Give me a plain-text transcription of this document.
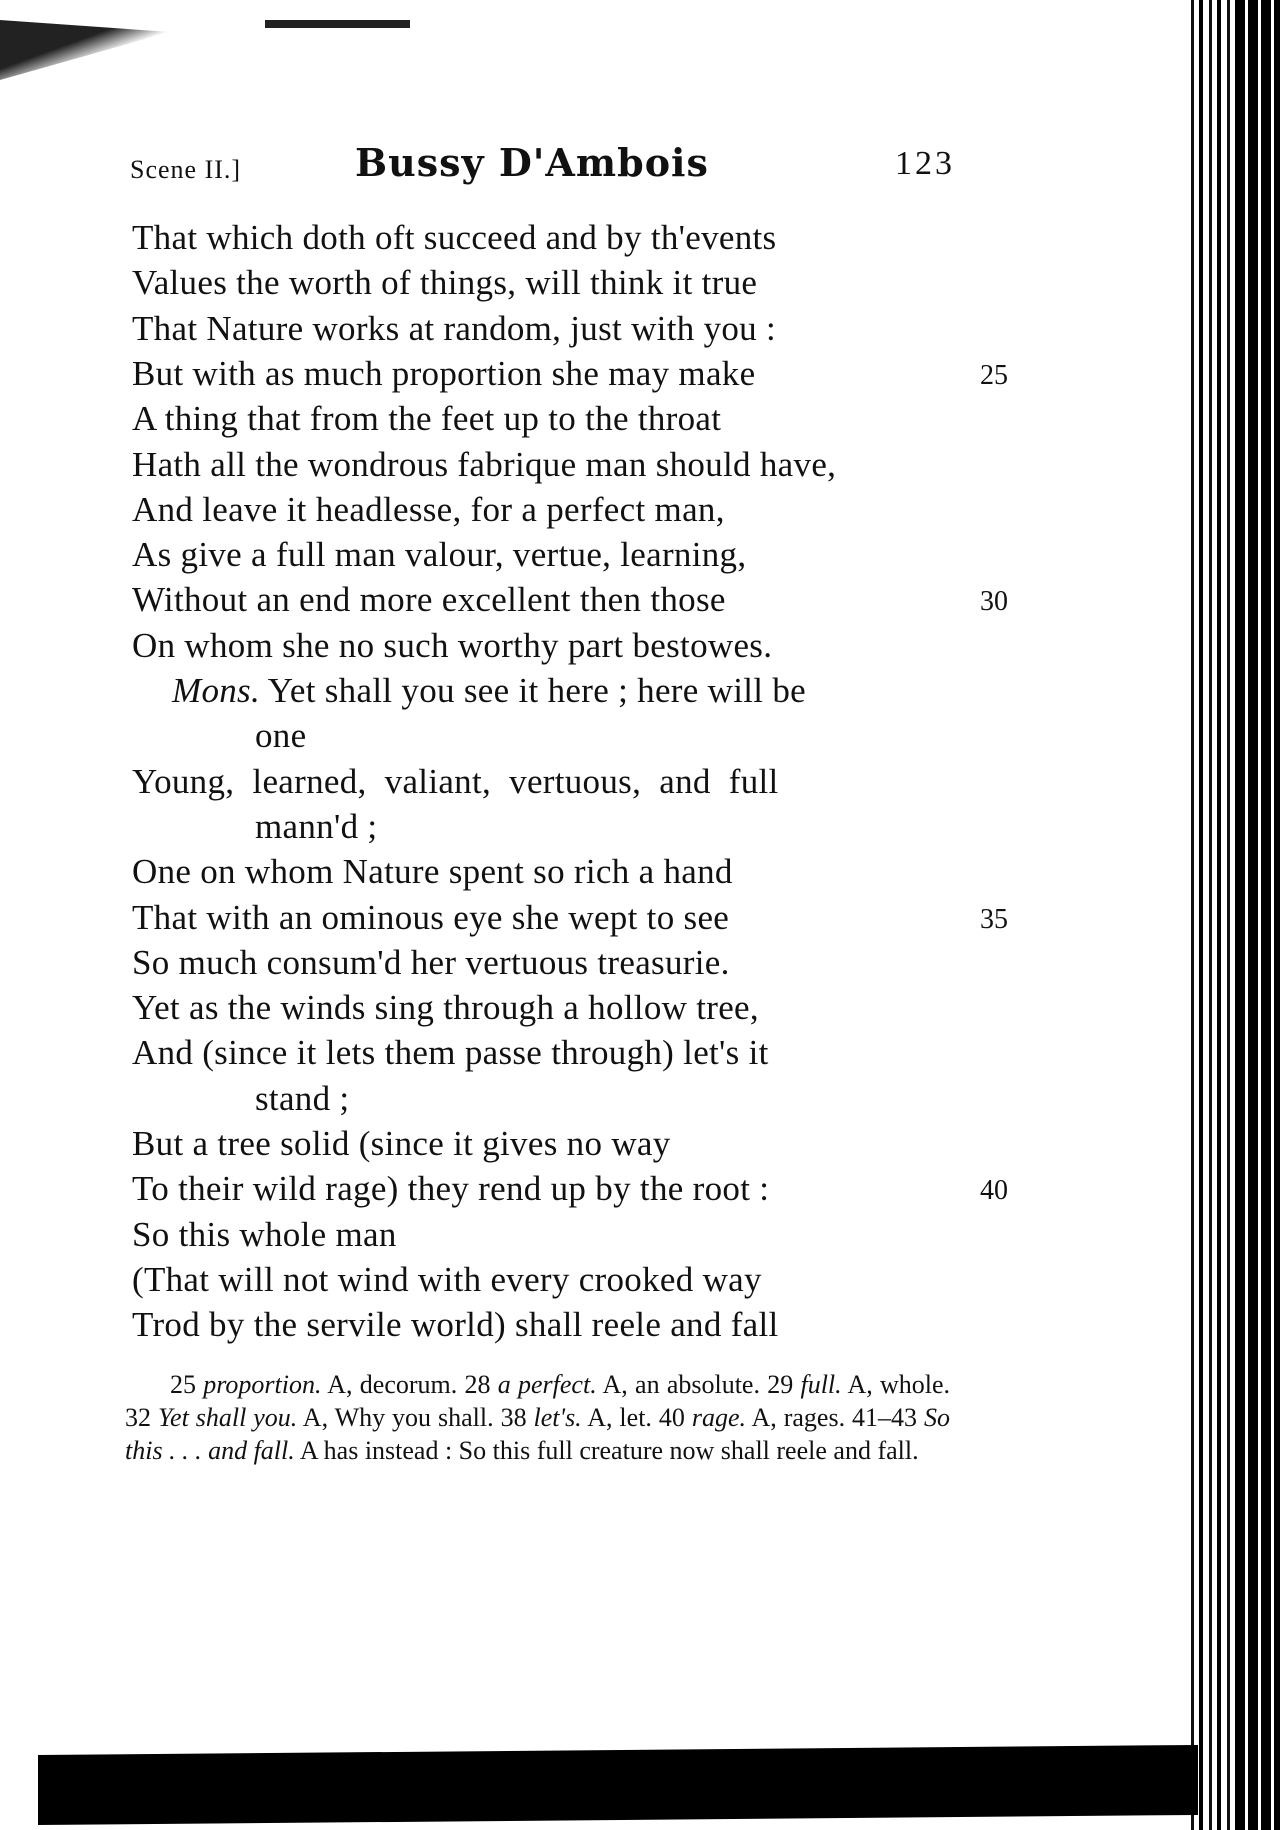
Scene II.]	Bussy D'Ambois	123
That which doth oft succeed and by th'events
Values the worth of things, will think it true
That Nature works at random, just with you :
But with as much proportion she may make	25
A thing that from the feet up to the throat
Hath all the wondrous fabrique man should have,
And leave it headlesse, for a perfect man,
As give a full man valour, vertue, learning,
Without an end more excellent then those	30
On whom she no such worthy part bestowes.
Mons. Yet shall you see it here ; here will be
one
Young,  learned,  valiant,  vertuous,  and  full
mann'd ;
One on whom Nature spent so rich a hand
That with an ominous eye she wept to see	35
So much consum'd her vertuous treasurie.
Yet as the winds sing through a hollow tree,
And (since it lets them passe through) let's it
stand ;
But a tree solid (since it gives no way
To their wild rage) they rend up by the root :	40
So this whole man
(That will not wind with every crooked way
Trod by the servile world) shall reele and fall
25 proportion. A, decorum. 28 a perfect. A, an absolute. 29 full. A, whole. 32 Yet shall you. A, Why you shall. 38 let's. A, let. 40 rage. A, rages. 41–43 So this . . . and fall. A has instead : So this full creature now shall reele and fall.
